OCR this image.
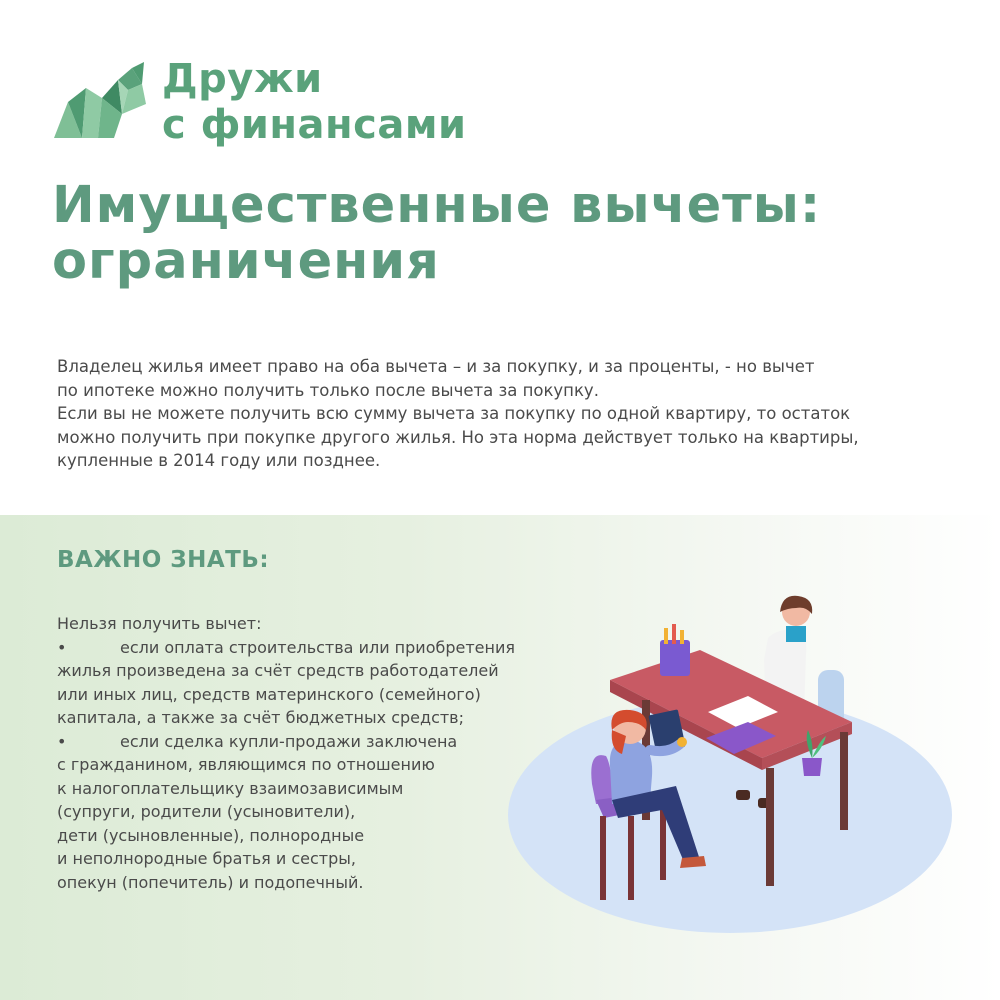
Дружи
с финансами
Имущественные вычеты:
ограничения

Владелец жилья имеет право на оба вычета – и за покупку, и за проценты, - но вычет

по ипотеке можно получить только после вычета за покупку.

Если вы не можете получить всю сумму вычета за покупку по одной квартиру, то остаток

можно получить при покупке другого жилья. Но эта норма действует только на квартиры,

купленные в 2014 году или позднее.

ВАЖНО ЗНАТЬ:

Нельзя получить вычет:

•	если оплата строительства или приобретения
жилья произведена за счёт средств работодателей
или иных лиц, средств материнского (семейного)
капитала, а также за счёт бюджетных средств;
•	если сделка купли-продажи заключена
с гражданином, являющимся по отношению
к налогоплательщику взаимозависимым
(супруги, родители (усыновители),
дети (усыновленные), полнородные
и неполнородные братья и сестры,
опекун (попечитель) и подопечный.
